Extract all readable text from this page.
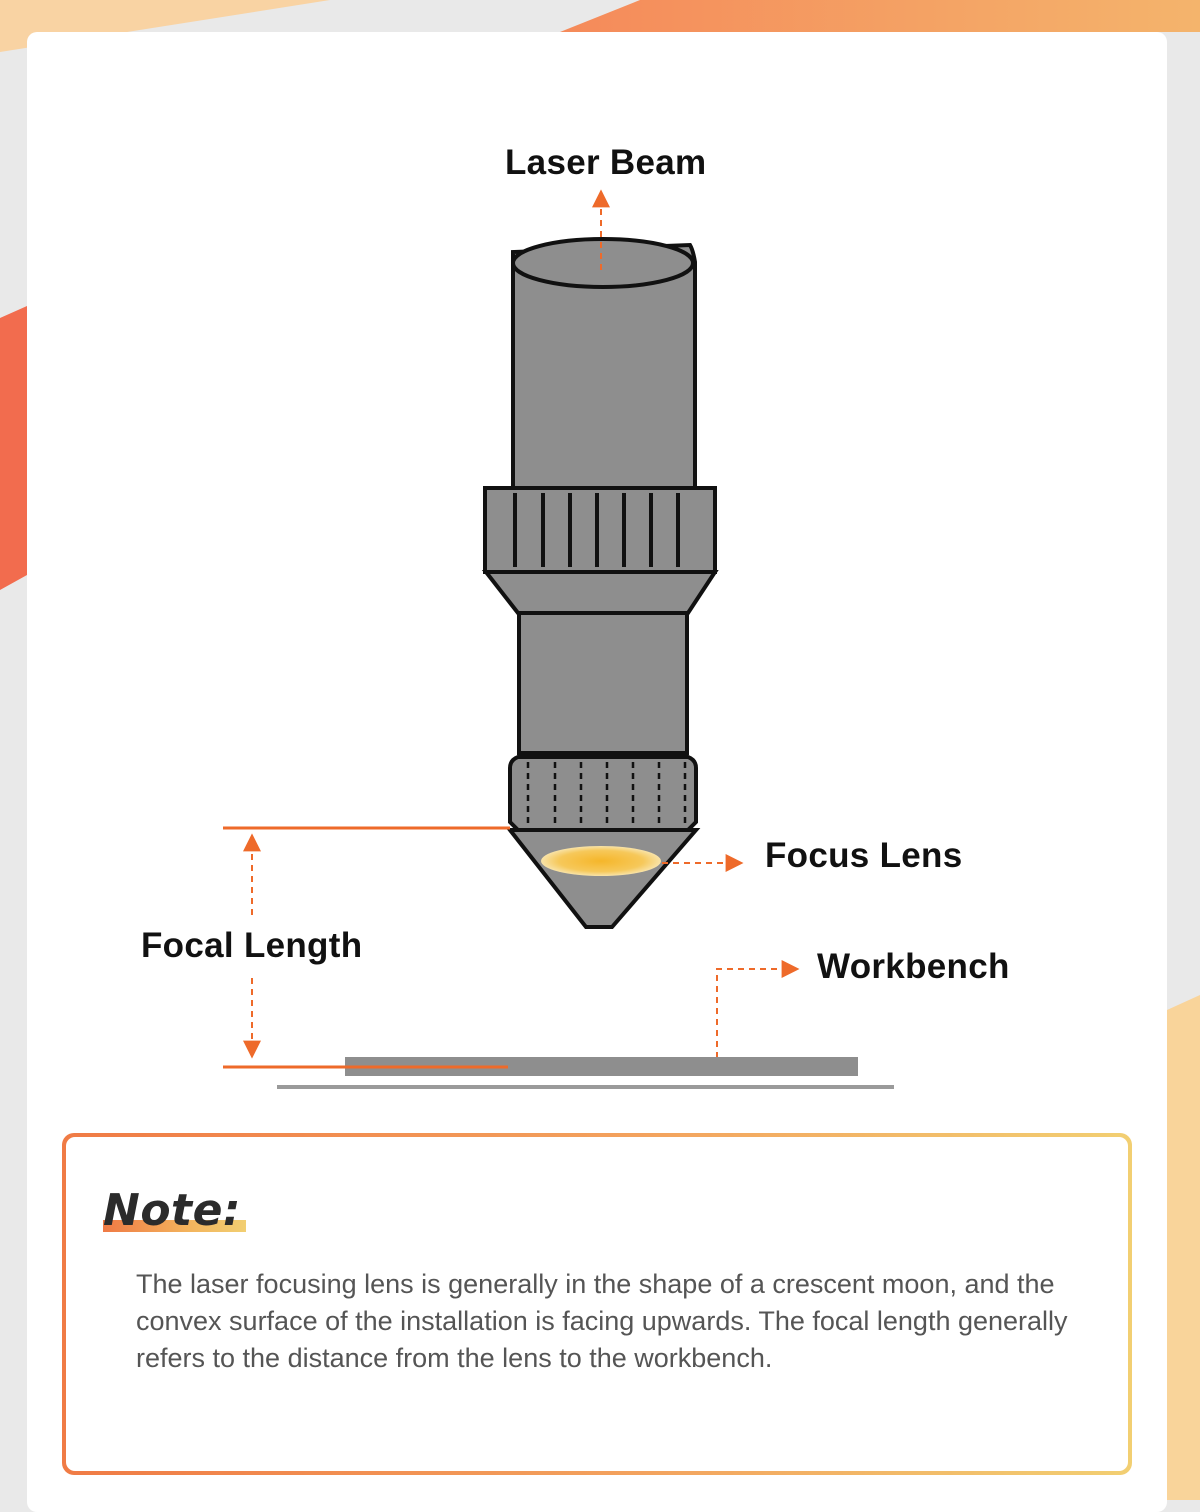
Laser Beam
Focus Lens
Focal Length
Workbench
Note:
The laser focusing lens is generally in the shape of a crescent moon, and the convex surface of the installation is facing upwards. The focal length generally refers to the distance from the lens to the workbench.
